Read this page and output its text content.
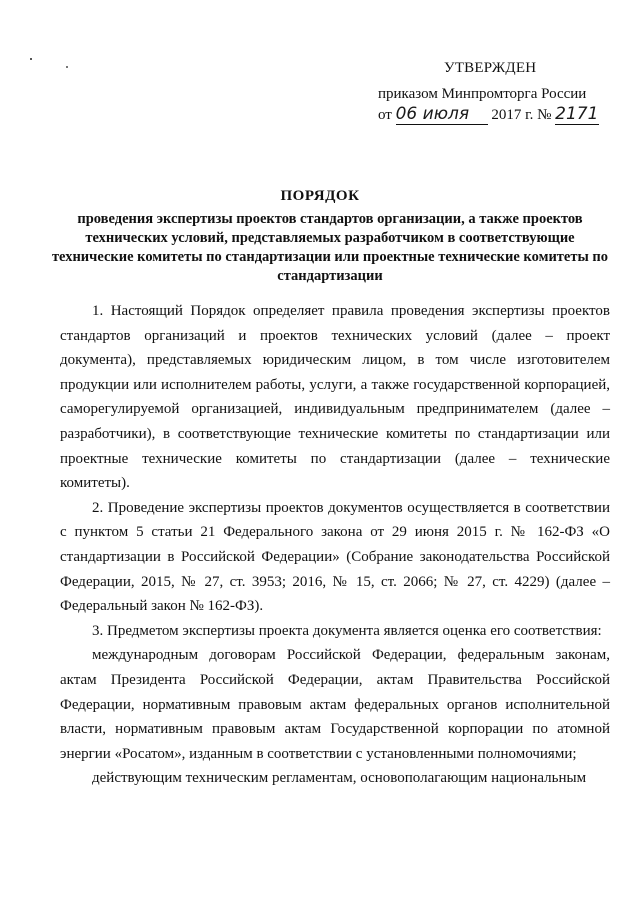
УТВЕРЖДЕН
приказом Минпромторга России
от 06 июля 2017 г. № 2171
ПОРЯДОК
проведения экспертизы проектов стандартов организации, а также проектов технических условий, представляемых разработчиком в соответствующие технические комитеты по стандартизации или проектные технические комитеты по стандартизации

1. Настоящий Порядок определяет правила проведения экспертизы проектов стандартов организаций и проектов технических условий (далее – проект документа), представляемых юридическим лицом, в том числе изготовителем продукции или исполнителем работы, услуги, а также государственной корпорацией, саморегулируемой организацией, индивидуальным предпринимателем (далее – разработчики), в соответствующие технические комитеты по стандартизации или проектные технические комитеты по стандартизации (далее – технические комитеты).

2. Проведение экспертизы проектов документов осуществляется в соответствии с пунктом 5 статьи 21 Федерального закона от 29 июня 2015 г. № 162-ФЗ «О стандартизации в Российской Федерации» (Собрание законодательства Российской Федерации, 2015, № 27, ст. 3953; 2016, № 15, ст. 2066; № 27, ст. 4229) (далее – Федеральный закон № 162-ФЗ).

3. Предметом экспертизы проекта документа является оценка его соответствия:

международным договорам Российской Федерации, федеральным законам, актам Президента Российской Федерации, актам Правительства Российской Федерации, нормативным правовым актам федеральных органов исполнительной власти, нормативным правовым актам Государственной корпорации по атомной энергии «Росатом», изданным в соответствии с установленными полномочиями;

действующим техническим регламентам, основополагающим национальным
